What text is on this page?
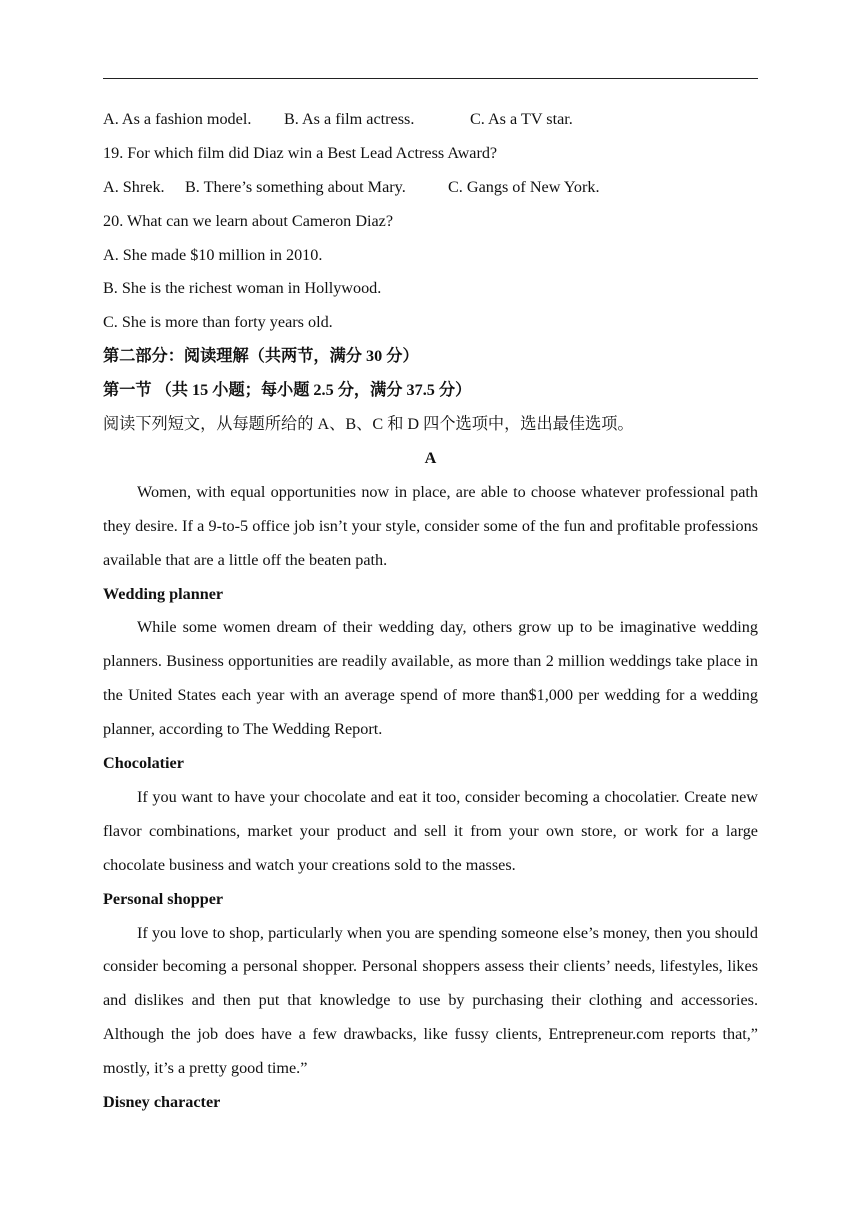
A. As a fashion model. B. As a film actress.	C. As a TV star.
19. For which film did Diaz win a Best Lead Actress Award?
A. Shrek. B. There’s something about Mary.	C. Gangs of New York.
20. What can we learn about Cameron Diaz?
A. She made $10 million in 2010.
B. She is the richest woman in Hollywood.
C. She is more than forty years old.
第二部分：阅读理解（共两节，满分 30 分）
第一节 （共 15 小题；每小题 2.5 分，满分 37.5 分）
阅读下列短文，从每题所给的 A、B、C 和 D 四个选项中，选出最佳选项。
A

Women, with equal opportunities now in place, are able to choose whatever professional path they desire. If a 9-to-5 office job isn’t your style, consider some of the fun and profitable professions available that are a little off the beaten path.

Wedding planner

While some women dream of their wedding day, others grow up to be imaginative wedding planners. Business opportunities are readily available, as more than 2 million weddings take place in the United States each year with an average spend of more than$1,000 per wedding for a wedding planner, according to The Wedding Report.

Chocolatier

If you want to have your chocolate and eat it too, consider becoming a chocolatier. Create new flavor combinations, market your product and sell it from your own store, or work for a large chocolate business and watch your creations sold to the masses.

Personal shopper

If you love to shop, particularly when you are spending someone else’s money, then you should consider becoming a personal shopper. Personal shoppers assess their clients’ needs, lifestyles, likes and dislikes and then put that knowledge to use by purchasing their clothing and accessories. Although the job does have a few drawbacks, like fussy clients, Entrepreneur.com reports that,” mostly, it’s a pretty good time.”

Disney character
